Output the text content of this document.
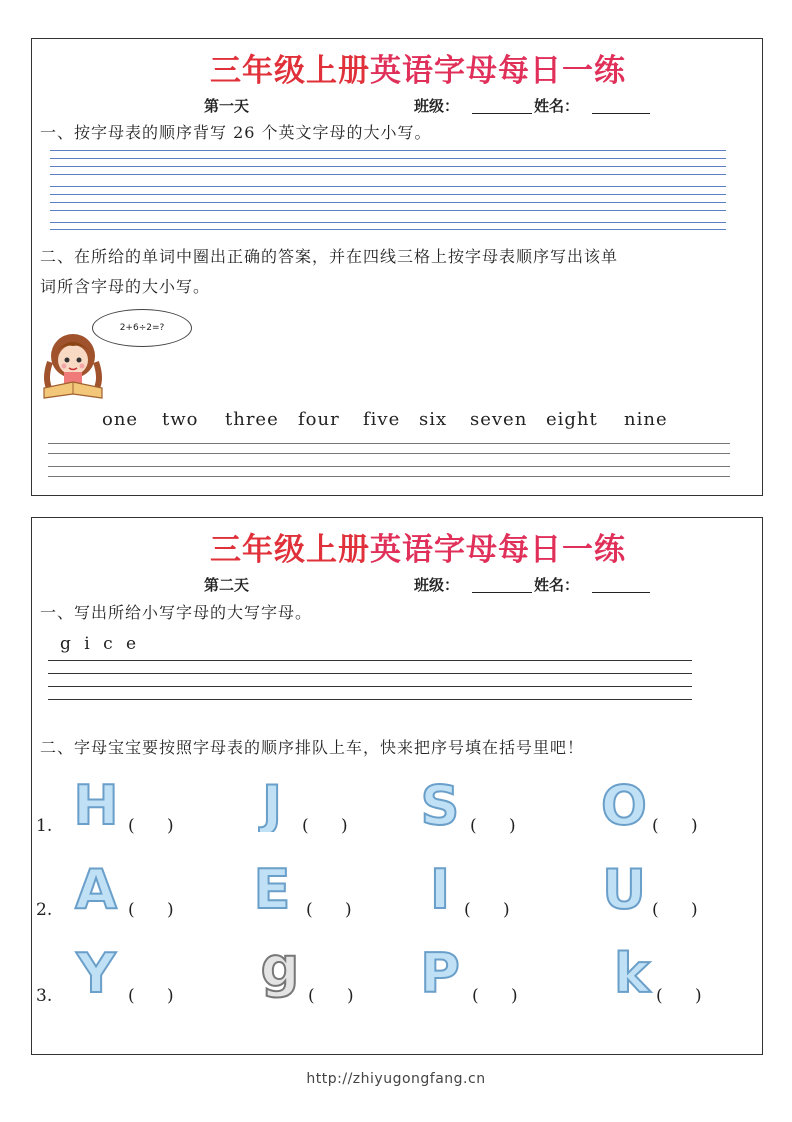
三年级上册英语字母每日一练
第一天	班级：	姓名：
一、按字母表的顺序背写 26 个英文字母的大小写。
二、在所给的单词中圈出正确的答案，并在四线三格上按字母表顺序写出该单
词所含字母的大小写。
2+6÷2=?
one two three four five six seven eight nine
三年级上册英语字母每日一练
第二天	班级：	姓名：
一、写出所给小写字母的大写字母。
g i c e
二、字母宝宝要按照字母表的顺序排队上车，快来把序号填在括号里吧！
1. H (      ) J (      ) S (      ) O (      )
2. A (      ) E (      ) I (      ) U (      )
3. Y (      ) g (      ) P (      ) k (      )
http://zhiyugongfang.cn
